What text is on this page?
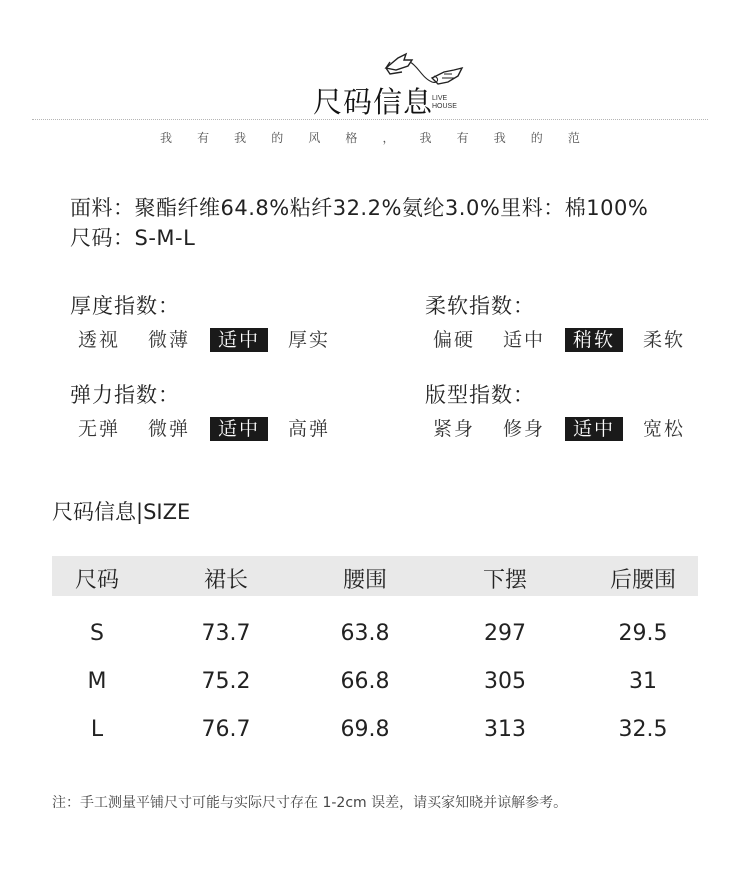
尺码信息
LIVE
HOUSE
我 有 我 的 风 格 ， 我 有 我 的 范
面料：聚酯纤维64.8%粘纤32.2%氨纶3.0%里料：棉100%
尺码：S-M-L
厚度指数：
透视	微薄	适中	厚实
柔软指数：
偏硬	适中	稍软	柔软
弹力指数：
无弹	微弹	适中	高弹
版型指数：
紧身	修身	适中	宽松
尺码信息|SIZE
尺码	裙长	腰围	下摆	后腰围
S	73.7	63.8	297	29.5
M	75.2	66.8	305	31
L	76.7	69.8	313	32.5
注：手工测量平铺尺寸可能与实际尺寸存在 1-2cm 误差，请买家知晓并谅解参考。
